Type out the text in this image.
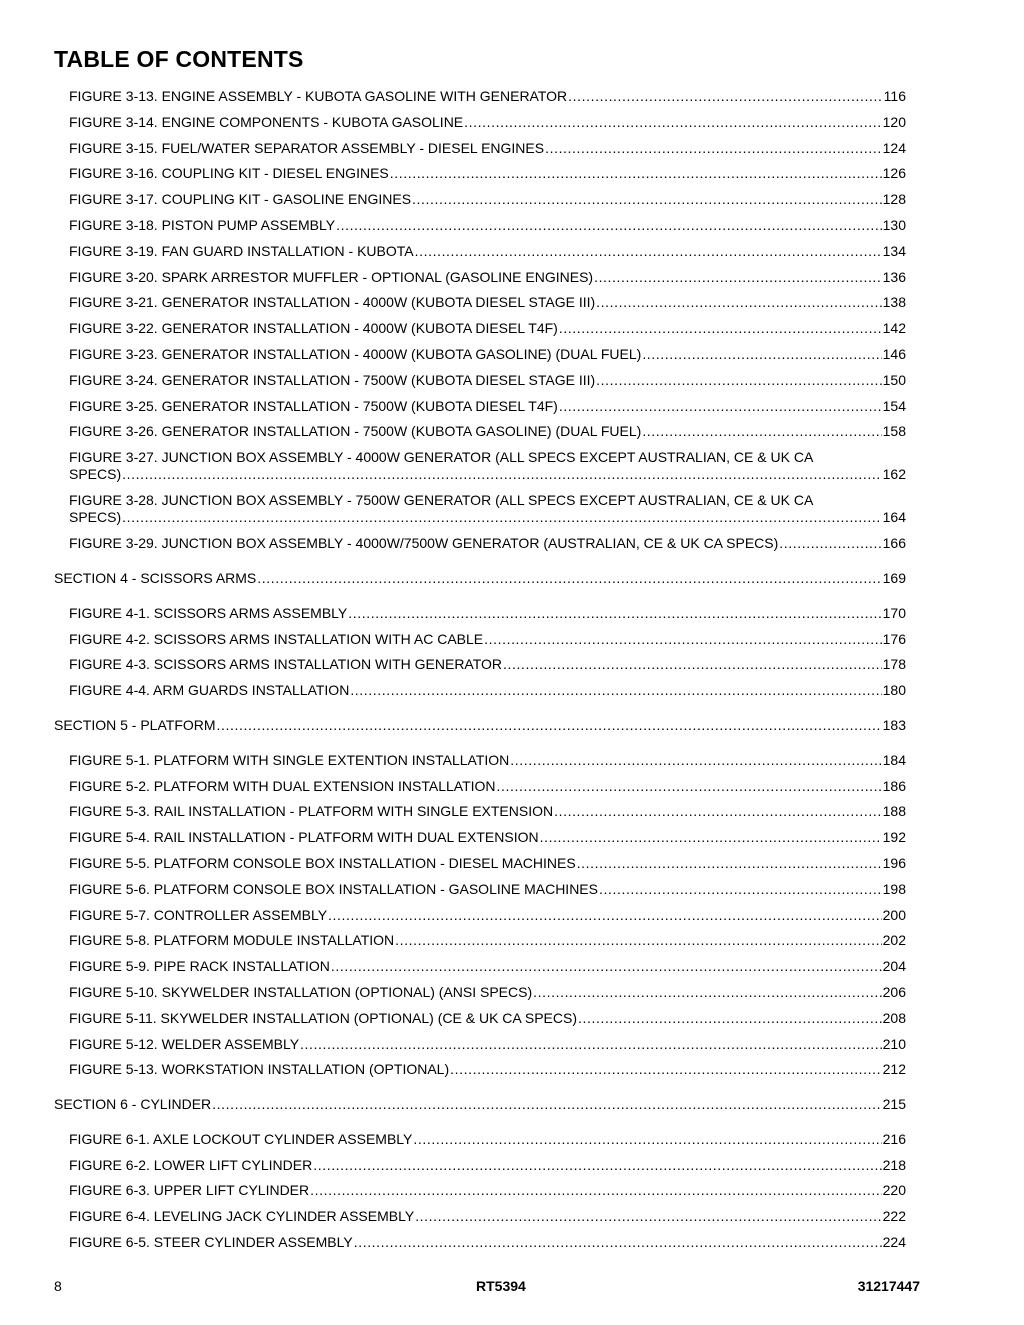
TABLE OF CONTENTS
FIGURE 3-13. ENGINE ASSEMBLY - KUBOTA GASOLINE WITH GENERATOR .....	116
FIGURE 3-14. ENGINE COMPONENTS - KUBOTA GASOLINE .....	120
FIGURE 3-15. FUEL/WATER SEPARATOR ASSEMBLY - DIESEL ENGINES .....	124
FIGURE 3-16. COUPLING KIT - DIESEL ENGINES .....	126
FIGURE 3-17. COUPLING KIT - GASOLINE ENGINES .....	128
FIGURE 3-18. PISTON PUMP ASSEMBLY .....	130
FIGURE 3-19. FAN GUARD INSTALLATION - KUBOTA .....	134
FIGURE 3-20. SPARK ARRESTOR MUFFLER - OPTIONAL (GASOLINE ENGINES) .....	136
FIGURE 3-21. GENERATOR INSTALLATION - 4000W (KUBOTA DIESEL STAGE III) .....	138
FIGURE 3-22. GENERATOR INSTALLATION - 4000W (KUBOTA DIESEL T4F) .....	142
FIGURE 3-23. GENERATOR INSTALLATION - 4000W (KUBOTA GASOLINE) (DUAL FUEL) .....	146
FIGURE 3-24. GENERATOR INSTALLATION - 7500W (KUBOTA DIESEL STAGE III) .....	150
FIGURE 3-25. GENERATOR INSTALLATION - 7500W (KUBOTA DIESEL T4F) .....	154
FIGURE 3-26. GENERATOR INSTALLATION - 7500W (KUBOTA GASOLINE) (DUAL FUEL) .....	158
FIGURE 3-27. JUNCTION BOX ASSEMBLY - 4000W GENERATOR (ALL SPECS EXCEPT AUSTRALIAN, CE & UK CA
SPECS) .....	162
FIGURE 3-28. JUNCTION BOX ASSEMBLY - 7500W GENERATOR (ALL SPECS EXCEPT AUSTRALIAN, CE & UK CA
SPECS) .....	164
FIGURE 3-29. JUNCTION BOX ASSEMBLY - 4000W/7500W GENERATOR (AUSTRALIAN, CE & UK CA SPECS) .....	166
SECTION 4 - SCISSORS ARMS .....	169
FIGURE 4-1. SCISSORS ARMS ASSEMBLY .....	170
FIGURE 4-2. SCISSORS ARMS INSTALLATION WITH AC CABLE .....	176
FIGURE 4-3. SCISSORS ARMS INSTALLATION WITH GENERATOR .....	178
FIGURE 4-4. ARM GUARDS INSTALLATION .....	180
SECTION 5 - PLATFORM .....	183
FIGURE 5-1. PLATFORM WITH SINGLE EXTENTION INSTALLATION .....	184
FIGURE 5-2. PLATFORM WITH DUAL EXTENSION INSTALLATION .....	186
FIGURE 5-3. RAIL INSTALLATION - PLATFORM WITH SINGLE EXTENSION .....	188
FIGURE 5-4. RAIL INSTALLATION - PLATFORM WITH DUAL EXTENSION .....	192
FIGURE 5-5. PLATFORM CONSOLE BOX INSTALLATION - DIESEL MACHINES .....	196
FIGURE 5-6. PLATFORM CONSOLE BOX INSTALLATION - GASOLINE MACHINES .....	198
FIGURE 5-7. CONTROLLER ASSEMBLY .....	200
FIGURE 5-8. PLATFORM MODULE INSTALLATION .....	202
FIGURE 5-9. PIPE RACK INSTALLATION .....	204
FIGURE 5-10. SKYWELDER INSTALLATION (OPTIONAL) (ANSI SPECS) .....	206
FIGURE 5-11. SKYWELDER INSTALLATION (OPTIONAL) (CE & UK CA SPECS) .....	208
FIGURE 5-12. WELDER ASSEMBLY .....	210
FIGURE 5-13. WORKSTATION INSTALLATION (OPTIONAL) .....	212
SECTION 6 - CYLINDER .....	215
FIGURE 6-1. AXLE LOCKOUT CYLINDER ASSEMBLY .....	216
FIGURE 6-2. LOWER LIFT CYLINDER .....	218
FIGURE 6-3. UPPER LIFT CYLINDER .....	220
FIGURE 6-4. LEVELING JACK CYLINDER ASSEMBLY .....	222
FIGURE 6-5. STEER CYLINDER ASSEMBLY .....	224
8	RT5394	31217447
